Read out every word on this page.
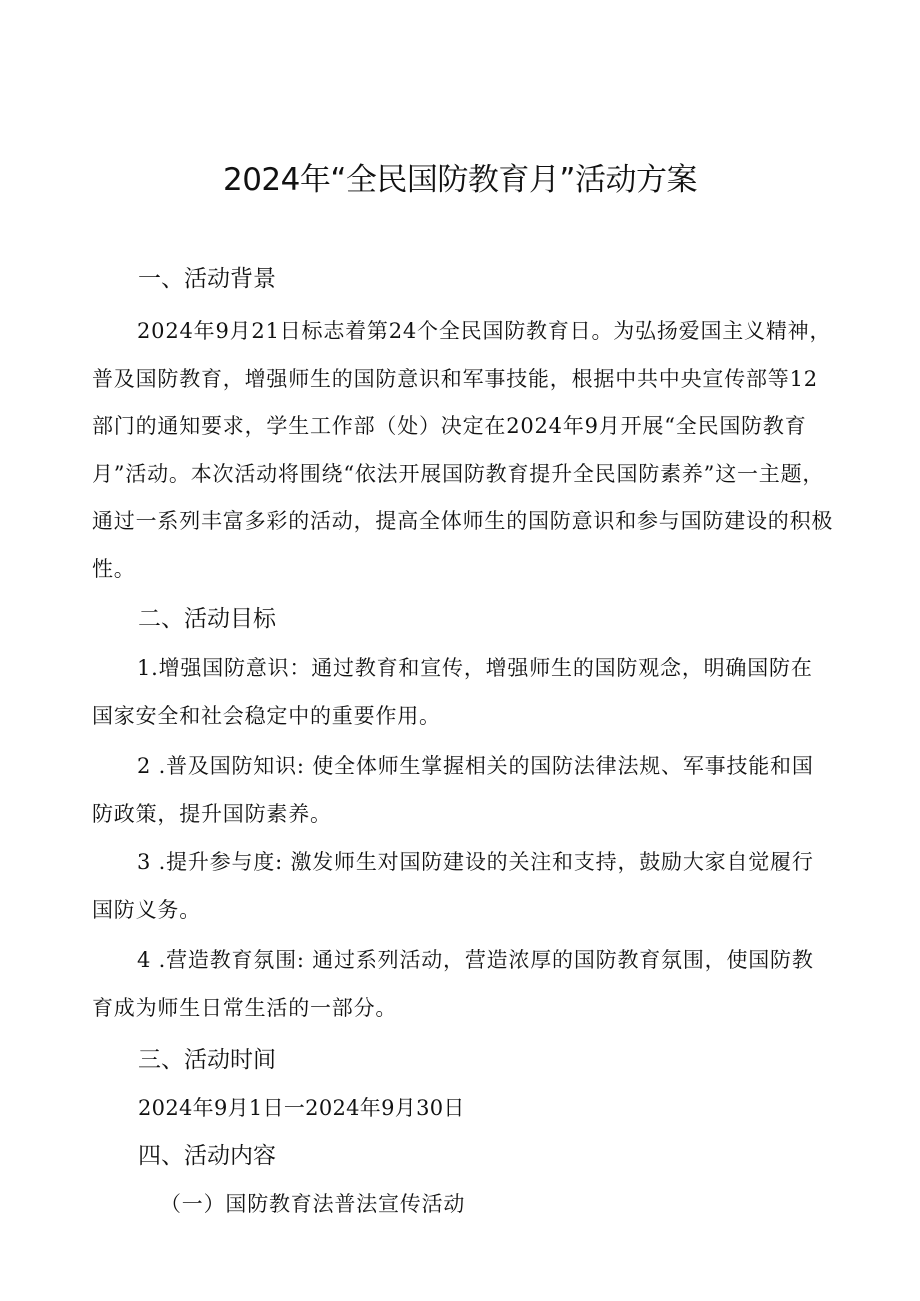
2024年“全民国防教育月”活动方案
一、活动背景

2024年9月21日标志着第24个全民国防教育日。为弘扬爱国主义精神，普及国防教育，增强师生的国防意识和军事技能，根据中共中央宣传部等12部门的通知要求，学生工作部（处）决定在2024年9月开展“全民国防教育月”活动。本次活动将围绕“依法开展国防教育提升全民国防素养”这一主题，通过一系列丰富多彩的活动，提高全体师生的国防意识和参与国防建设的积极性。

二、活动目标

1.增强国防意识：通过教育和宣传，增强师生的国防观念，明确国防在国家安全和社会稳定中的重要作用。

2 .普及国防知识: 使全体师生掌握相关的国防法律法规、军事技能和国防政策，提升国防素养。

3 .提升参与度: 激发师生对国防建设的关注和支持，鼓励大家自觉履行国防义务。

4 .营造教育氛围: 通过系列活动，营造浓厚的国防教育氛围，使国防教育成为师生日常生活的一部分。

三、活动时间
2024年9月1日一2024年9月30日
四、活动内容
（一）国防教育法普法宣传活动
